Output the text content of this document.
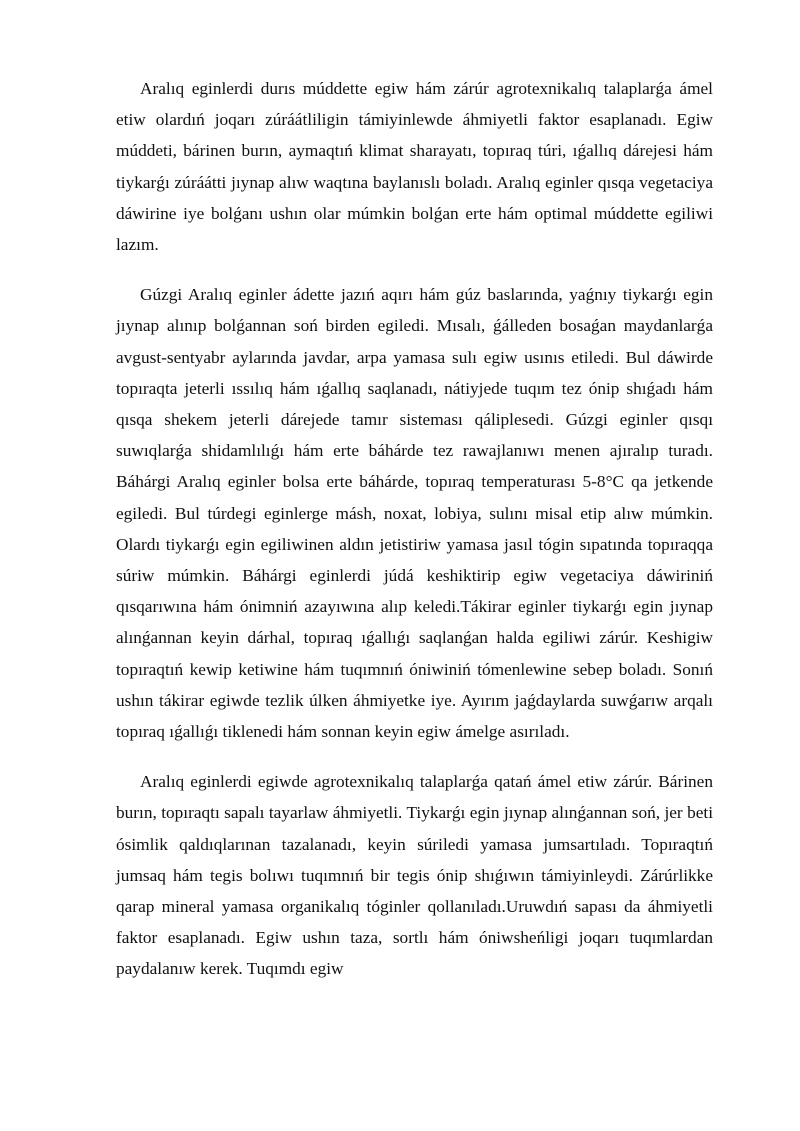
Aralıq eginlerdi durıs múddette egiw hám zárúr agrotexnikalıq talaplarǵa ámel etiw olardıń joqarı zúráátliligin támiyinlewde áhmiyetli faktor esaplanadı. Egiw múddeti, bárinen burın, aymaqtıń klimat sharayatı, topıraq túri, ıǵallıq dárejesi hám tiykarǵı zúráátti jıynap alıw waqtına baylanıslı boladı. Aralıq eginler qısqa vegetaciya dáwirine iye bolǵanı ushın olar múmkin bolǵan erte hám optimal múddette egiliwi lazım.

Gúzgi Aralıq eginler ádette jazıń aqırı hám gúz baslarında, yaǵnıy tiykarǵı egin jıynap alınıp bolǵannan soń birden egiledi. Mısalı, ǵálleden bosaǵan maydanlarǵa avgust-sentyabr aylarında javdar, arpa yamasa sulı egiw usınıs etiledi. Bul dáwirde topıraqta jeterli ıssılıq hám ıǵallıq saqlanadı, nátiyjede tuqım tez ónip shıǵadı hám qısqa shekem jeterli dárejede tamır sisteması qáliplesedi. Gúzgi eginler qısqı suwıqlarǵa shidamlılıǵı hám erte báhárde tez rawajlanıwı menen ajıralıp turadı. Báhárgi Aralıq eginler bolsa erte báhárde, topıraq temperaturası 5-8°C qa jetkende egiledi. Bul túrdegi eginlerge másh, noxat, lobiya, sulını misal etip alıw múmkin. Olardı tiykarǵı egin egiliwinen aldın jetistiriw yamasa jasıl tógin sıpatında topıraqqa súriw múmkin. Báhárgi eginlerdi júdá keshiktirip egiw vegetaciya dáwiriniń qısqarıwına hám ónimniń azayıwına alıp keledi.Tákirar eginler tiykarǵı egin jıynap alınǵannan keyin dárhal, topıraq ıǵallıǵı saqlanǵan halda egiliwi zárúr. Keshigiw topıraqtıń kewip ketiwine hám tuqımnıń óniwiniń tómenlewine sebep boladı. Sonıń ushın tákirar egiwde tezlik úlken áhmiyetke iye. Ayırım jaǵdaylarda suwǵarıw arqalı topıraq ıǵallıǵı tiklenedi hám sonnan keyin egiw ámelge asırıladı.

Aralıq eginlerdi egiwde agrotexnikalıq talaplarǵa qatań ámel etiw zárúr. Bárinen burın, topıraqtı sapalı tayarlaw áhmiyetli. Tiykarǵı egin jıynap alınǵannan soń, jer beti ósimlik qaldıqlarınan tazalanadı, keyin súriledi yamasa jumsartıladı. Topıraqtıń jumsaq hám tegis bolıwı tuqımnıń bir tegis ónip shıǵıwın támiyinleydi. Zárúrlikke qarap mineral yamasa organikalıq tóginler qollanıladı.Uruwdıń sapası da áhmiyetli faktor esaplanadı. Egiw ushın taza, sortlı hám óniwsheńligi joqarı tuqımlardan paydalanıw kerek. Tuqımdı egiw
